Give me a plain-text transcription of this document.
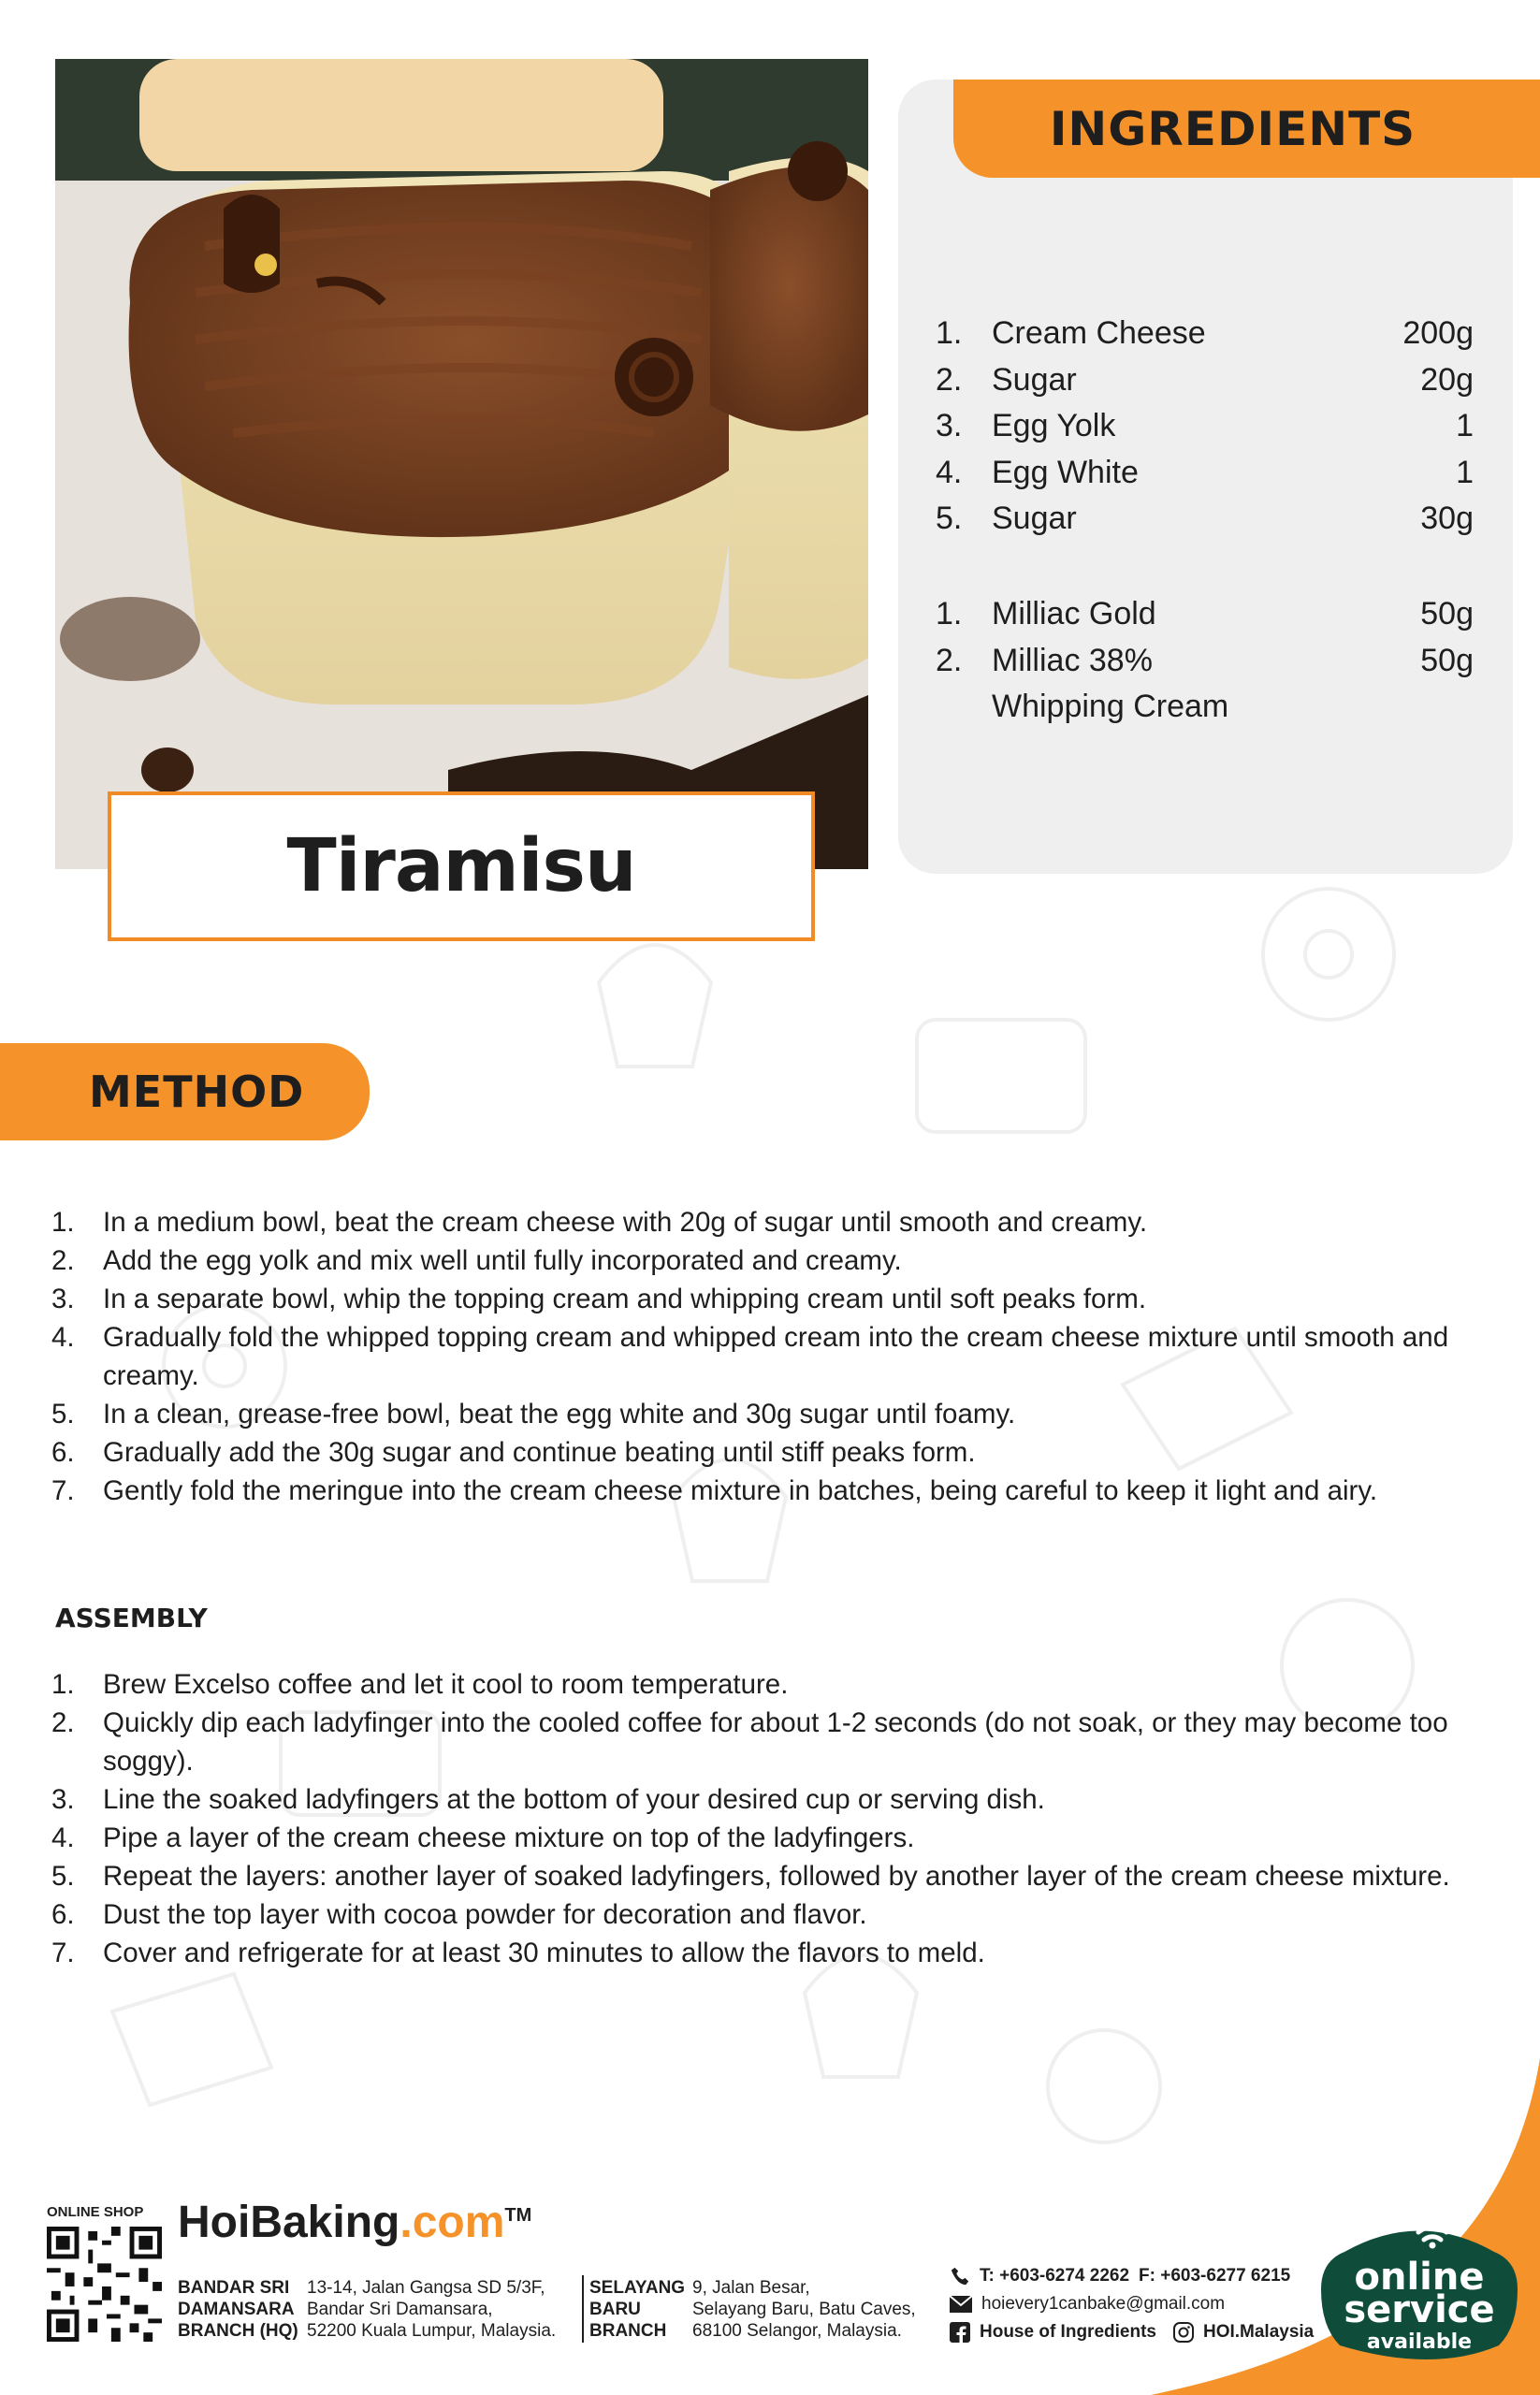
Tiramisu
INGREDIENTS
1. Cream Cheese	200g
2. Sugar	20g
3. Egg Yolk	1
4. Egg White	1
5. Sugar	30g
1. Milliac Gold	50g
2. Milliac 38%	50g
Whipping Cream
METHOD
1.	In a medium bowl, beat the cream cheese with 20g of sugar until smooth and creamy.
2.	Add the egg yolk and mix well until fully incorporated and creamy.
3.	In a separate bowl, whip the topping cream and whipping cream until soft peaks form.
4.	Gradually fold the whipped topping cream and whipped cream into the cream cheese mixture until smooth and creamy.
5.	In a clean, grease-free bowl, beat the egg white and 30g sugar until foamy.
6.	Gradually add the 30g sugar and continue beating until stiff peaks form.
7.	Gently fold the meringue into the cream cheese mixture in batches, being careful to keep it light and airy.
ASSEMBLY
1.	Brew Excelso coffee and let it cool to room temperature.
2.	Quickly dip each ladyfinger into the cooled coffee for about 1-2 seconds (do not soak, or they may become too soggy).
3.	Line the soaked ladyfingers at the bottom of your desired cup or serving dish.
4.	Pipe a layer of the cream cheese mixture on top of the ladyfingers.
5.	Repeat the layers: another layer of soaked ladyfingers, followed by another layer of the cream cheese mixture.
6.	Dust the top layer with cocoa powder for decoration and flavor.
7.	Cover and refrigerate for at least 30 minutes to allow the flavors to meld.
ONLINE SHOP HoiBaking.com™
BANDAR SRI
DAMANSARA
BRANCH (HQ)
13-14, Jalan Gangsa SD 5/3F,
Bandar Sri Damansara,
52200 Kuala Lumpur, Malaysia.
SELAYANG
BARU
BRANCH
9, Jalan Besar,
Selayang Baru, Batu Caves,
68100 Selangor, Malaysia.
T: +603-6274 2262 F: +603-6277 6215
hoievery1canbake@gmail.com
House of Ingredients	HOI.Malaysia
online
service
available
